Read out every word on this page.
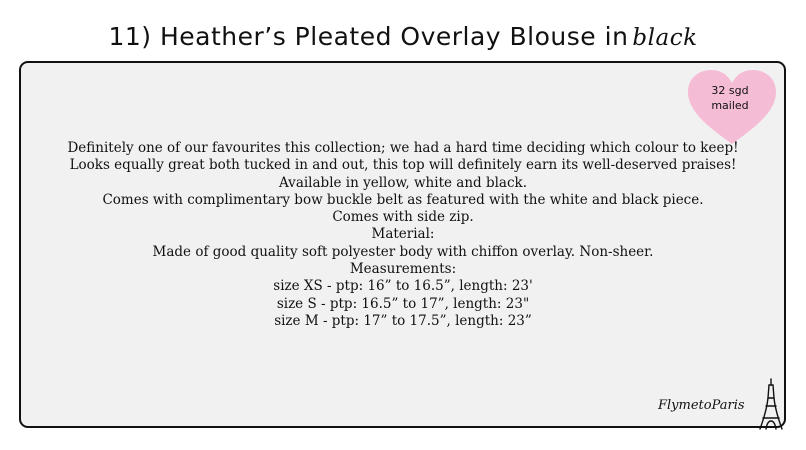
11) Heather’s Pleated Overlay Blouse in black
32 sgd
mailed
Definitely one of our favourites this collection; we had a hard time deciding which colour to keep!
Looks equally great both tucked in and out, this top will definitely earn its well-deserved praises!
Available in yellow, white and black.
Comes with complimentary bow buckle belt as featured with the white and black piece.
Comes with side zip.
Material:
Made of good quality soft polyester body with chiffon overlay. Non-sheer.
Measurements:
size XS - ptp: 16” to 16.5”, length: 23'
size S - ptp: 16.5” to 17”, length: 23"
size M - ptp: 17” to 17.5”, length: 23”
FlymetoParis
